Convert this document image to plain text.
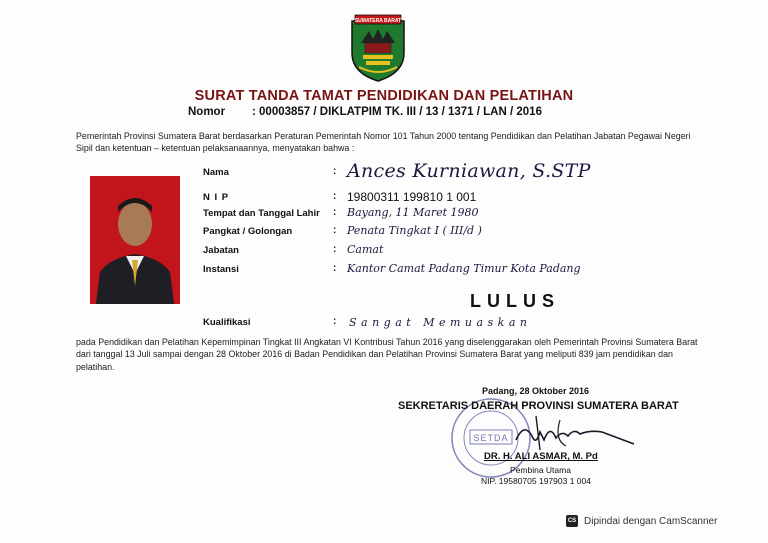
SUMATERA BARAT
SURAT TANDA TAMAT PENDIDIKAN DAN PELATIHAN
Nomor : 00003857 / DIKLATPIM TK. III / 13 / 1371 / LAN / 2016
Pemerintah Provinsi Sumatera Barat berdasarkan Peraturan Pemerintah Nomor 101 Tahun 2000 tentang Pendidikan dan Pelatihan Jabatan Pegawai Negeri Sipil dan ketentuan – ketentuan pelaksanaannya, menyatakan bahwa :
Nama	: Ances Kurniawan, S.STP
N I P	: 19800311 199810 1 001
Tempat dan Tanggal Lahir : Bayang, 11 Maret 1980
Pangkat / Golongan	: Penata Tingkat I ( III/d )
Jabatan	: Camat
Instansi	: Kantor Camat Padang Timur Kota Padang
LULUS
Kualifikasi	: Sangat Memuaskan
pada Pendidikan dan Pelatihan Kepemimpinan Tingkat III Angkatan VI Kontribusi Tahun 2016 yang diselenggarakan oleh Pemerintah Provinsi Sumatera Barat dari tanggal 13 Juli sampai dengan 28 Oktober 2016 di Badan Pendidikan dan Pelatihan Provinsi Sumatera Barat yang meliputi 839 jam pendidikan dan pelatihan.
SETDA
Padang, 28 Oktober 2016
SEKRETARIS DAERAH PROVINSI SUMATERA BARAT
DR. H. ALI ASMAR, M. Pd
Pembina Utama
NIP. 19580705 197903 1 004
CS Dipindai dengan CamScanner
